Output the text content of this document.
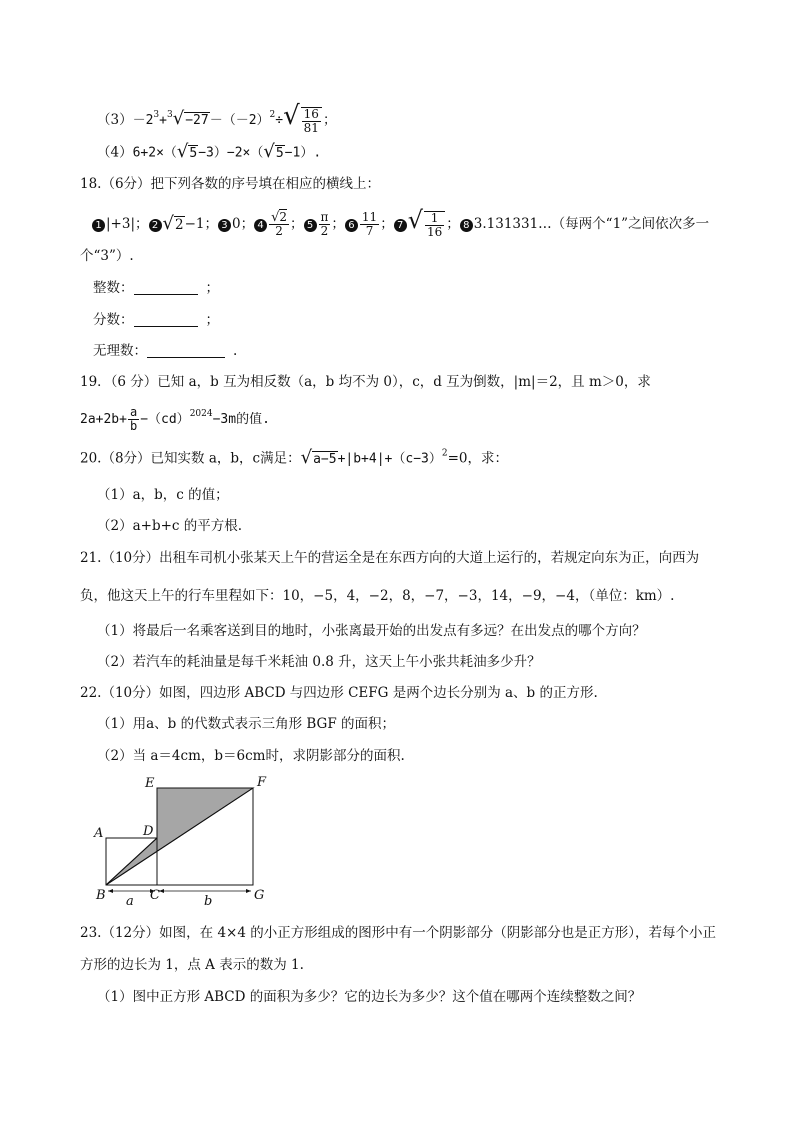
$(3)-2^3+^3√-27-(-2)^2\div√ \frac{16}{81}$ ；
（4）6+2×（√5−3）−2×（√5−1）.
18.（6分）把下列各数的序号填在相应的横线上：
1 |+3|； 2 √2−1； 3 0； $4 \frac{√2}{2}$ ； $5 \frac{\pi}{2}$ ； $6 \frac{11}{7}$ ； 7 √ $\frac{1}{16}$ ； 8 3.131331…（每两个“1”之间依次多一
个“3”）.
整数：	；
分数：	；
无理数：	.
19．（6 分）已知 a，b 互为相反数（a，b 均不为 0），c，d 互为倒数，|m|＝2，且 m＞0，求
$2a+2b+ \frac{a}{b} -(cd)^{2024}-3m$的值.
20.（8分）已知实数 a，b，c满足：$√a-5+|b+4|+(c-3)^2=0$，求：
（1）a，b，c 的值；
（2）a+b+c 的平方根.
21.（10分）出租车司机小张某天上午的营运全是在东西方向的大道上运行的，若规定向东为正，向西为
负，他这天上午的行车里程如下：10，−5，4，−2，8，−7，−3，14，−9，−4，（单位：km）.
（1）将最后一名乘客送到目的地时，小张离最开始的出发点有多远？在出发点的哪个方向？
（2）若汽车的耗油量是每千米耗油 0.8 升，这天上午小张共耗油多少升？
22.（10分）如图，四边形 ABCD 与四边形 CEFG 是两个边长分别为 a、b 的正方形.
（1）用a、b 的代数式表示三角形 BGF 的面积；
（2）当 a＝4cm，b＝6cm时，求阴影部分的面积.
E	F
A	D
B	C	G
a	b
23.（12分）如图，在 4×4 的小正方形组成的图形中有一个阴影部分（阴影部分也是正方形），若每个小正
方形的边长为 1，点 A 表示的数为 1.
（1）图中正方形 ABCD 的面积为多少？它的边长为多少？这个值在哪两个连续整数之间？
